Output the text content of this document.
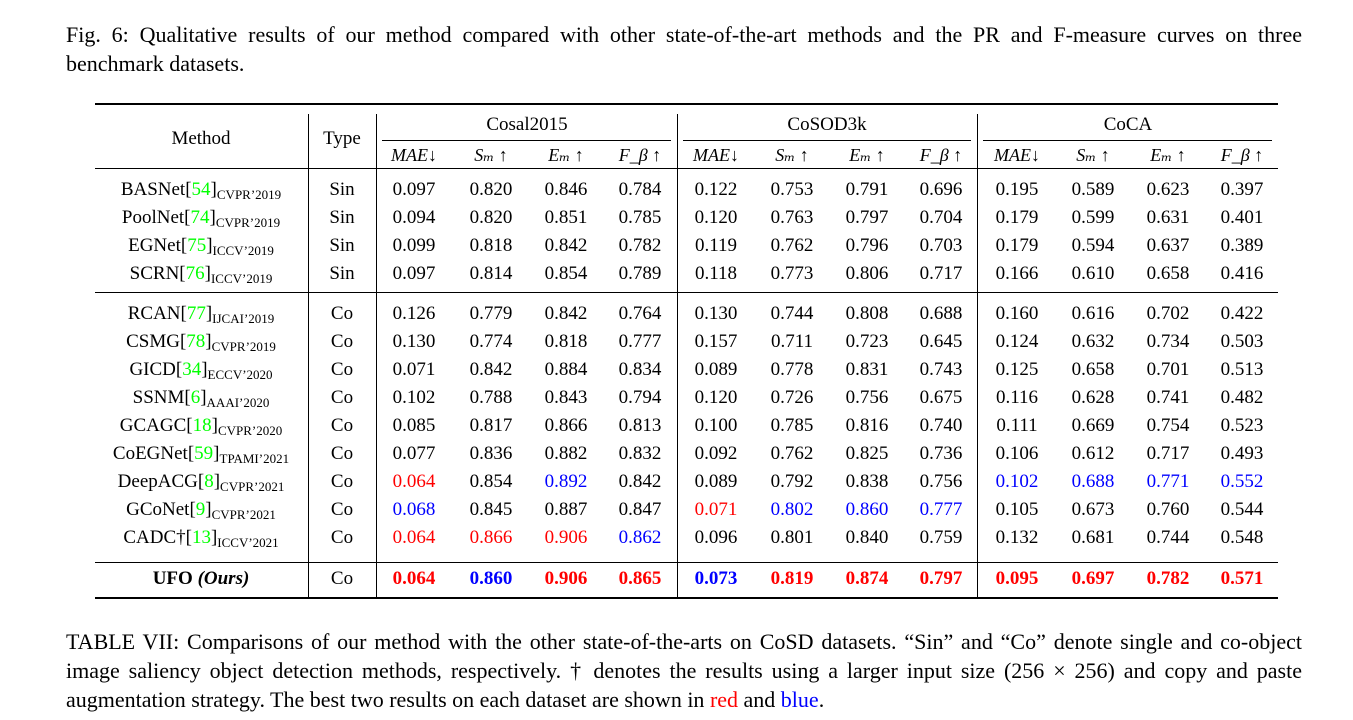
Fig. 6: Qualitative results of our method compared with other state-of-the-art methods and the PR and F-measure curves on three benchmark datasets.
Method	Type
Cosal2015
MAE↓ Sₘ ↑ Eₘ ↑ F_β ↑
CoSOD3k
MAE↓ Sₘ ↑ Eₘ ↑ F_β ↑
CoCA
MAE↓ Sₘ ↑ Eₘ ↑ F_β ↑
$BASNet[54]_{CVPR’2019}$	Sin 0.097 0.820 0.846 0.784 0.122 0.753 0.791 0.696 0.195 0.589 0.623 0.397
$PoolNet[74]_{CVPR’2019}$	Sin 0.094 0.820 0.851 0.785 0.120 0.763 0.797 0.704 0.179 0.599 0.631 0.401
$EGNet[75]_{ICCV’2019}$	Sin 0.099 0.818 0.842 0.782 0.119 0.762 0.796 0.703 0.179 0.594 0.637 0.389
$SCRN[76]_{ICCV’2019}$	Sin 0.097 0.814 0.854 0.789 0.118 0.773 0.806 0.717 0.166 0.610 0.658 0.416
$RCAN[77]_{IJCAI’2019}$	Co 0.126 0.779 0.842 0.764 0.130 0.744 0.808 0.688 0.160 0.616 0.702 0.422
$CSMG[78]_{CVPR’2019}$	Co 0.130 0.774 0.818 0.777 0.157 0.711 0.723 0.645 0.124 0.632 0.734 0.503
$GICD[34]_{ECCV’2020}$	Co 0.071 0.842 0.884 0.834 0.089 0.778 0.831 0.743 0.125 0.658 0.701 0.513
$SSNM[6]_{AAAI’2020}$	Co 0.102 0.788 0.843 0.794 0.120 0.726 0.756 0.675 0.116 0.628 0.741 0.482
$GCAGC[18]_{CVPR’2020}$	Co 0.085 0.817 0.866 0.813 0.100 0.785 0.816 0.740 0.111 0.669 0.754 0.523
$CoEGNet[59]_{TPAMI’2021}$ Co 0.077 0.836 0.882 0.832 0.092 0.762 0.825 0.736 0.106 0.612 0.717 0.493
$DeepACG[8]_{CVPR’2021}$ Co 0.064 0.854 0.892 0.842 0.089 0.792 0.838 0.756 0.102 0.688 0.771 0.552
$GCoNet[9]_{CVPR’2021}$	Co 0.068 0.845 0.887 0.847 0.071 0.802 0.860 0.777 0.105 0.673 0.760 0.544
$CADC\dagger[13]_{ICCV’2021}$	Co 0.064 0.866 0.906 0.862 0.096 0.801 0.840 0.759 0.132 0.681 0.744 0.548
UFO (Ours)	Co 0.064 0.860 0.906 0.865 0.073 0.819 0.874 0.797 0.095 0.697 0.782 0.571
TABLE VII: Comparisons of our method with the other state-of-the-arts on CoSD datasets. “Sin” and “Co” denote single and co-object image saliency object detection methods, respectively. † denotes the results using a larger input size (256 × 256) and copy and paste augmentation strategy. The best two results on each dataset are shown in red and blue.
